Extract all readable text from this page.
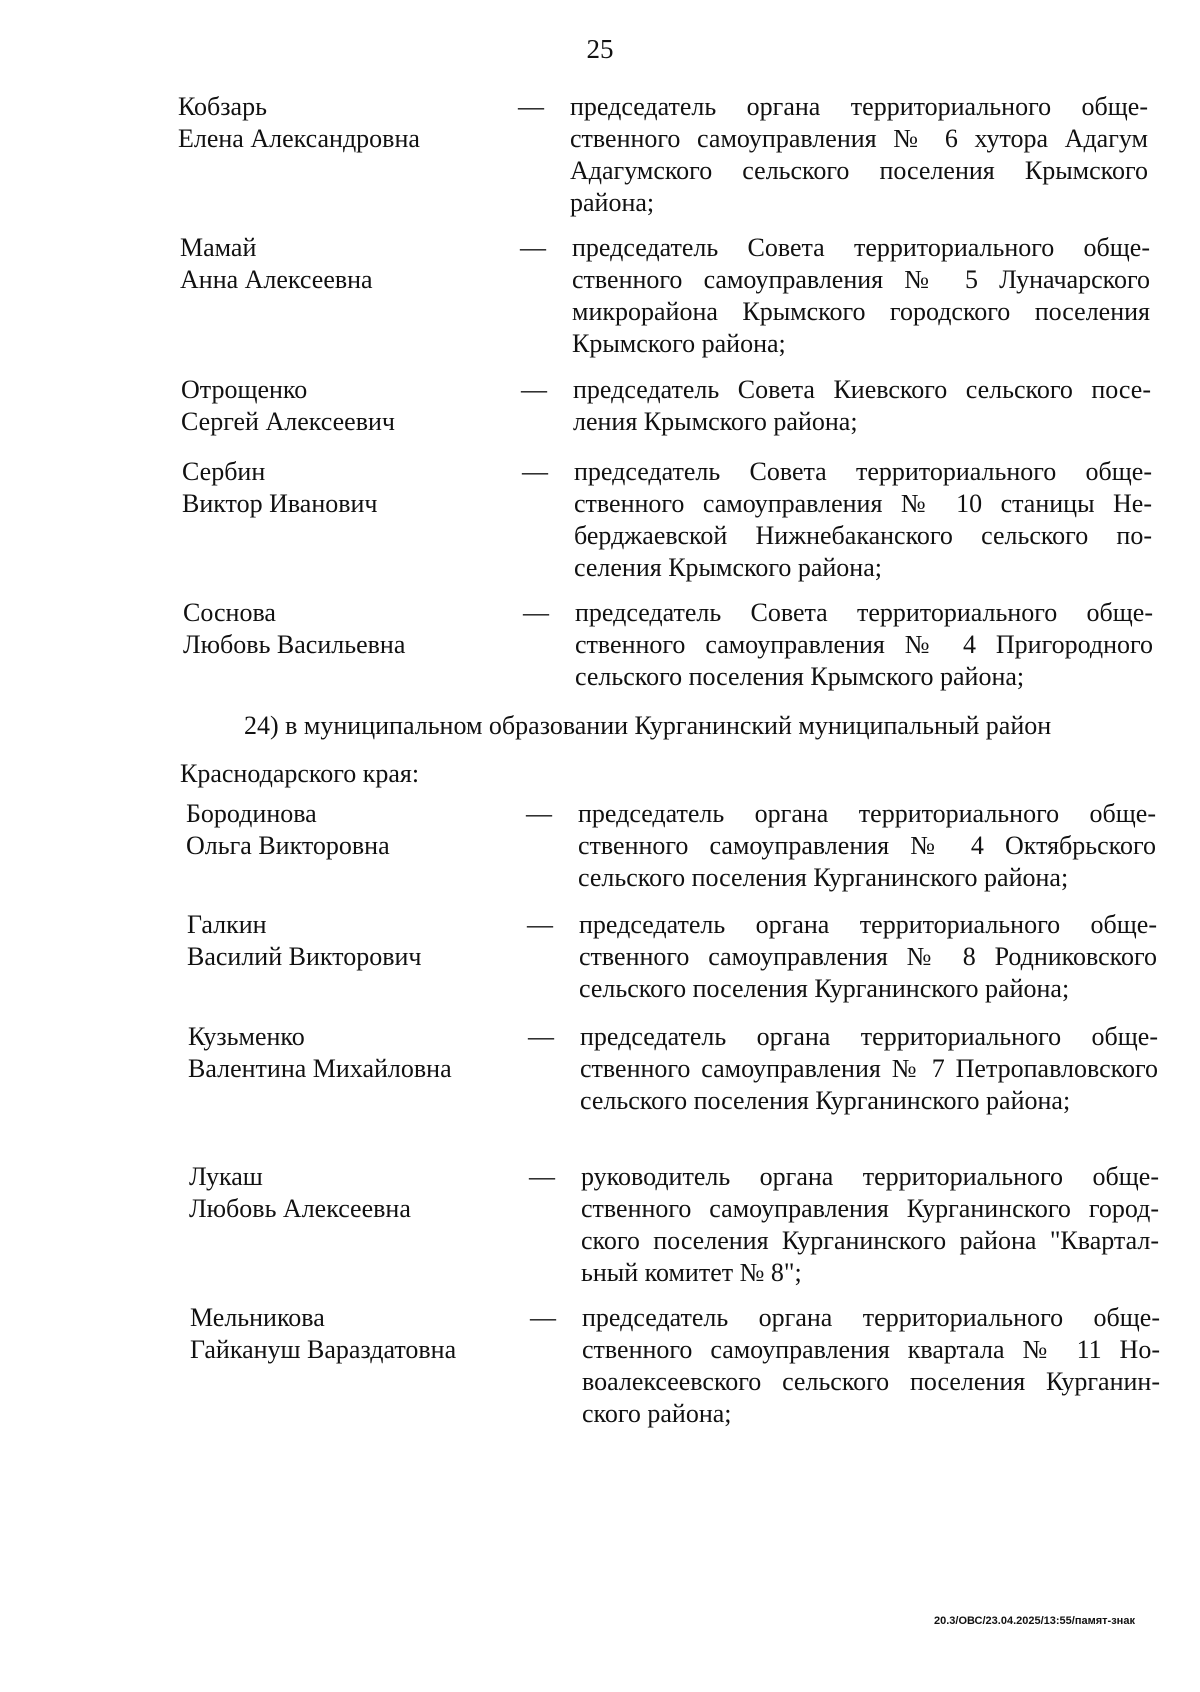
25
Кобзарь
Елена Александровна
— председатель органа территориального общественного самоуправления № 6 хутора Адагум Адагумского сельского поселения Крымского района;
Мамай
Анна Алексеевна
— председатель Совета территориального общественного самоуправления № 5 Луначарского микрорайона Крымского городского поселения Крымского района;
Отрощенко
Сергей Алексеевич
— председатель Совета Киевского сельского поселения Крымского района;
Сербин
Виктор Иванович
— председатель Совета территориального общественного самоуправления № 10 станицы Неберджаевской Нижнебаканского сельского поселения Крымского района;
Соснова
Любовь Васильевна
— председатель Совета территориального общественного самоуправления № 4 Пригородного сельского поселения Крымского района;
24) в муниципальном образовании Курганинский муниципальный район
Краснодарского края:
Бородинова
Ольга Викторовна
— председатель органа территориального общественного самоуправления № 4 Октябрьского сельского поселения Курганинского района;
Галкин
Василий Викторович
— председатель органа территориального общественного самоуправления № 8 Родниковского сельского поселения Курганинского района;
Кузьменко
Валентина Михайловна
— председатель органа территориального общественного самоуправления № 7 Петропавловского сельского поселения Курганинского района;
Лукаш
Любовь Алексеевна
— руководитель органа территориального общественного самоуправления Курганинского городского поселения Курганинского района "Квартальный комитет № 8";
Мельникова
Гайкануш Вараздатовна
— председатель органа территориального общественного самоуправления квартала № 11 Новоалексеевского сельского поселения Курганинского района;
20.3/ОВС/23.04.2025/13:55/памят-знак
